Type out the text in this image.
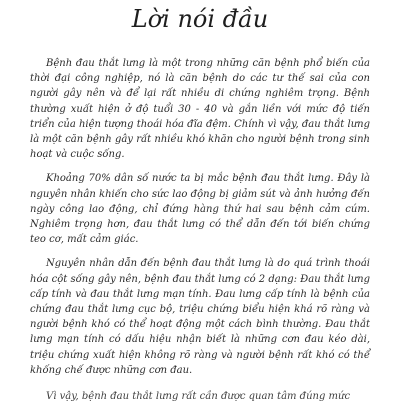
Lời nói đầu

Bệnh đau thắt lưng là một trong những căn bệnh phổ biến của thời đại công nghiệp, nó là căn bệnh do các tư thế sai của con người gây nên và để lại rất nhiều di chứng nghiêm trọng. Bệnh thường xuất hiện ở độ tuổi 30 - 40 và gắn liền với mức độ tiến triển của hiện tượng thoái hóa đĩa đệm. Chính vì vậy, đau thắt lưng là một căn bệnh gây rất nhiều khó khăn cho người bệnh trong sinh hoạt và cuộc sống.

Khoảng 70% dân số nước ta bị mắc bệnh đau thắt lưng. Đây là nguyên nhân khiến cho sức lao động bị giảm sút và ảnh hưởng đến ngày công lao động, chỉ đứng hàng thứ hai sau bệnh cảm cúm. Nghiêm trọng hơn, đau thắt lưng có thể dẫn đến tới biến chứng teo cơ, mất cảm giác.

Nguyên nhân dẫn đến bệnh đau thắt lưng là do quá trình thoái hóa cột sống gây nên, bệnh đau thắt lưng có 2 dạng: Đau thắt lưng cấp tính và đau thắt lưng mạn tính. Đau lưng cấp tính là bệnh của chứng đau thắt lưng cục bộ, triệu chứng biểu hiện khá rõ ràng và người bệnh khó có thể hoạt động một cách bình thường. Đau thắt lưng mạn tính có dấu hiệu nhận biết là những cơn đau kéo dài, triệu chứng xuất hiện không rõ ràng và người bệnh rất khó có thể khống chế được những cơn đau.

Vì vậy, bệnh đau thắt lưng rất cần được quan tâm đúng mức
